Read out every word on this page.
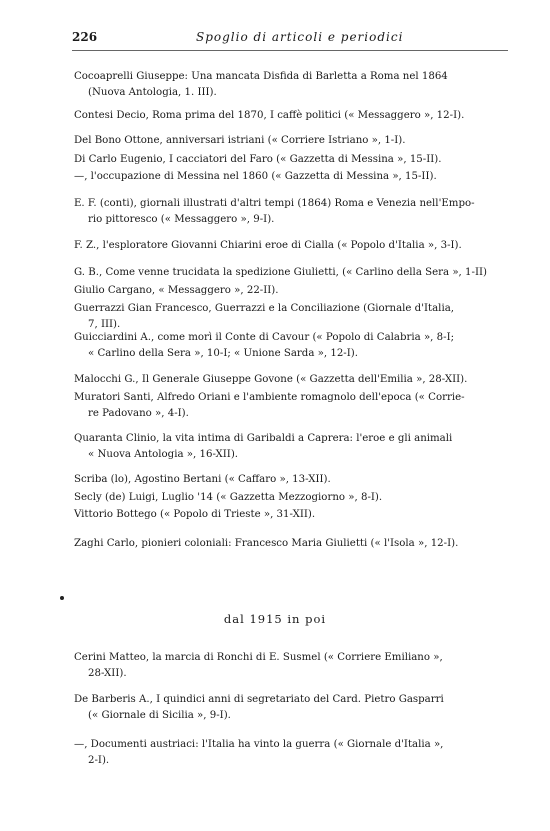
226	Spoglio di articoli e periodici
Cocoaprelli Giuseppe: Una mancata Disfida di Barletta a Roma nel 1864
(Nuova Antologia, 1. III).
Contesi Decio, Roma prima del 1870, I caffè politici (« Messaggero », 12-I).
Del Bono Ottone, anniversari istriani (« Corriere Istriano », 1-I).
Di Carlo Eugenio, I cacciatori del Faro (« Gazzetta di Messina », 15-II).
—, l'occupazione di Messina nel 1860 (« Gazzetta di Messina », 15-II).
E. F. (conti), giornali illustrati d'altri tempi (1864) Roma e Venezia nell'Empo-
rio pittoresco (« Messaggero », 9-I).
F. Z., l'esploratore Giovanni Chiarini eroe di Cialla (« Popolo d'Italia », 3-I).
G. B., Come venne trucidata la spedizione Giulietti, (« Carlino della Sera », 1-II)
Giulio Cargano, « Messaggero », 22-II).
Guerrazzi Gian Francesco, Guerrazzi e la Conciliazione (Giornale d'Italia,
7, III).
Guicciardini A., come morì il Conte di Cavour (« Popolo di Calabria », 8-I;
« Carlino della Sera », 10-I; « Unione Sarda », 12-I).
Malocchi G., Il Generale Giuseppe Govone (« Gazzetta dell'Emilia », 28-XII).
Muratori Santi, Alfredo Oriani e l'ambiente romagnolo dell'epoca (« Corrie-
re Padovano », 4-I).
Quaranta Clinio, la vita intima di Garibaldi a Caprera: l'eroe e gli animali
« Nuova Antologia », 16-XII).
Scriba (lo), Agostino Bertani (« Caffaro », 13-XII).
Secly (de) Luigi, Luglio '14 (« Gazzetta Mezzogiorno », 8-I).
Vittorio Bottego (« Popolo di Trieste », 31-XII).
Zaghi Carlo, pionieri coloniali: Francesco Maria Giulietti (« l'Isola », 12-I).
dal 1915 in poi
Cerini Matteo, la marcia di Ronchi di E. Susmel (« Corriere Emiliano »,
28-XII).
De Barberis A., I quindici anni di segretariato del Card. Pietro Gasparri
(« Giornale di Sicilia », 9-I).
—, Documenti austriaci: l'Italia ha vinto la guerra (« Giornale d'Italia »,
2-I).
